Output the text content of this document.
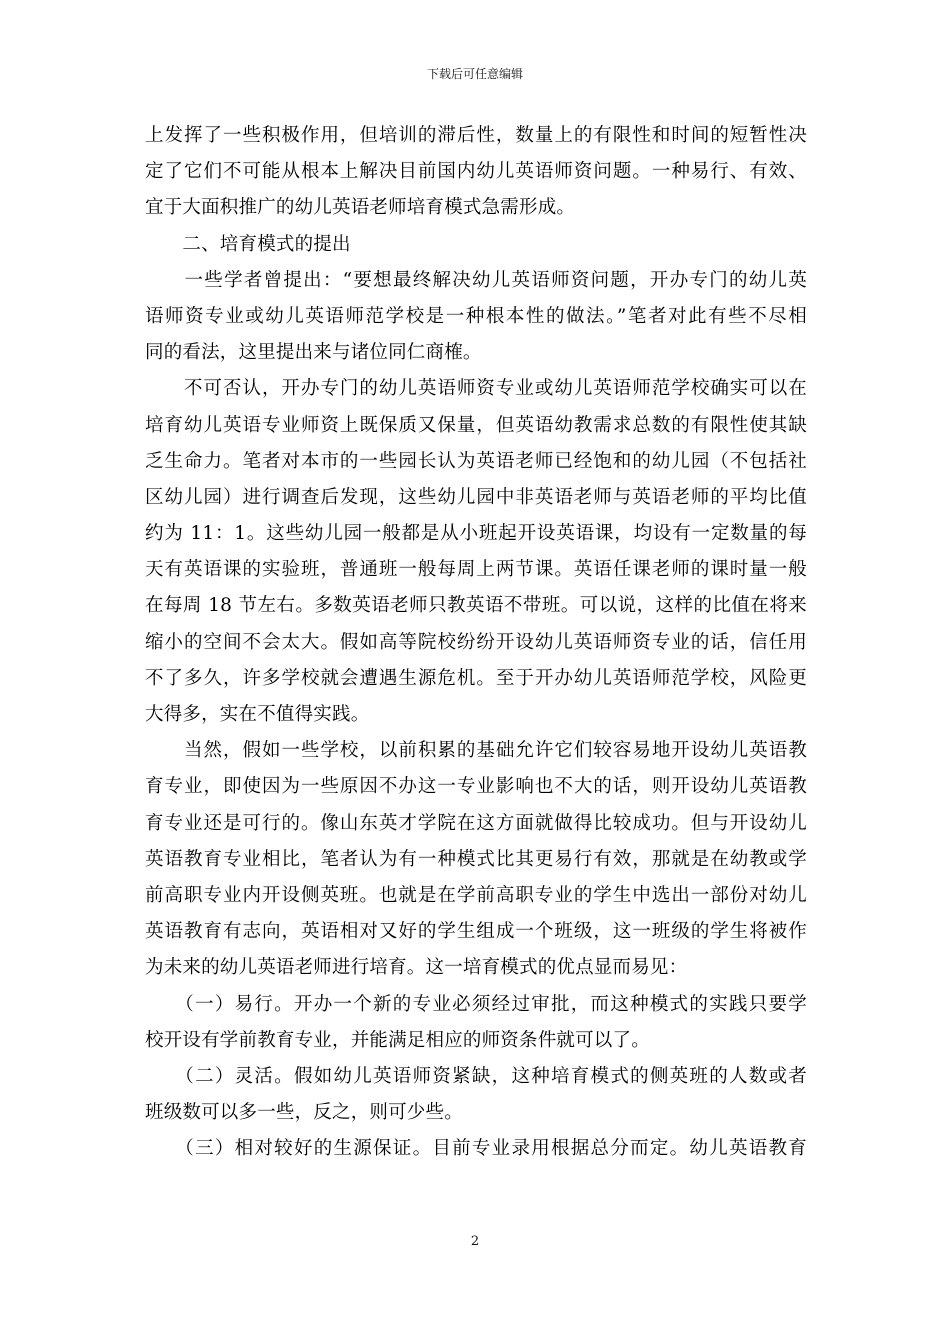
下载后可任意编辑
上发挥了一些积极作用，但培训的滞后性，数量上的有限性和时间的短暂性决
定了它们不可能从根本上解决目前国内幼儿英语师资问题。一种易行、有效、
宜于大面积推广的幼儿英语老师培育模式急需形成。
　　二、培育模式的提出
　　一些学者曾提出：“要想最终解决幼儿英语师资问题，开办专门的幼儿英
语师资专业或幼儿英语师范学校是一种根本性的做法。”笔者对此有些不尽相
同的看法，这里提出来与诸位同仁商榷。
　　不可否认，开办专门的幼儿英语师资专业或幼儿英语师范学校确实可以在
培育幼儿英语专业师资上既保质又保量，但英语幼教需求总数的有限性使其缺
乏生命力。笔者对本市的一些园长认为英语老师已经饱和的幼儿园（不包括社
区幼儿园）进行调查后发现，这些幼儿园中非英语老师与英语老师的平均比值
约为 11：1。这些幼儿园一般都是从小班起开设英语课，均设有一定数量的每
天有英语课的实验班，普通班一般每周上两节课。英语任课老师的课时量一般
在每周 18 节左右。多数英语老师只教英语不带班。可以说，这样的比值在将来
缩小的空间不会太大。假如高等院校纷纷开设幼儿英语师资专业的话，信任用
不了多久，许多学校就会遭遇生源危机。至于开办幼儿英语师范学校，风险更
大得多，实在不值得实践。
　　当然，假如一些学校，以前积累的基础允许它们较容易地开设幼儿英语教
育专业，即使因为一些原因不办这一专业影响也不大的话，则开设幼儿英语教
育专业还是可行的。像山东英才学院在这方面就做得比较成功。但与开设幼儿
英语教育专业相比，笔者认为有一种模式比其更易行有效，那就是在幼教或学
前高职专业内开设侧英班。也就是在学前高职专业的学生中选出一部份对幼儿
英语教育有志向，英语相对又好的学生组成一个班级，这一班级的学生将被作
为未来的幼儿英语老师进行培育。这一培育模式的优点显而易见：
　　（一）易行。开办一个新的专业必须经过审批，而这种模式的实践只要学
校开设有学前教育专业，并能满足相应的师资条件就可以了。
　　（二）灵活。假如幼儿英语师资紧缺，这种培育模式的侧英班的人数或者
班级数可以多一些，反之，则可少些。
　　（三）相对较好的生源保证。目前专业录用根据总分而定。幼儿英语教育
2
